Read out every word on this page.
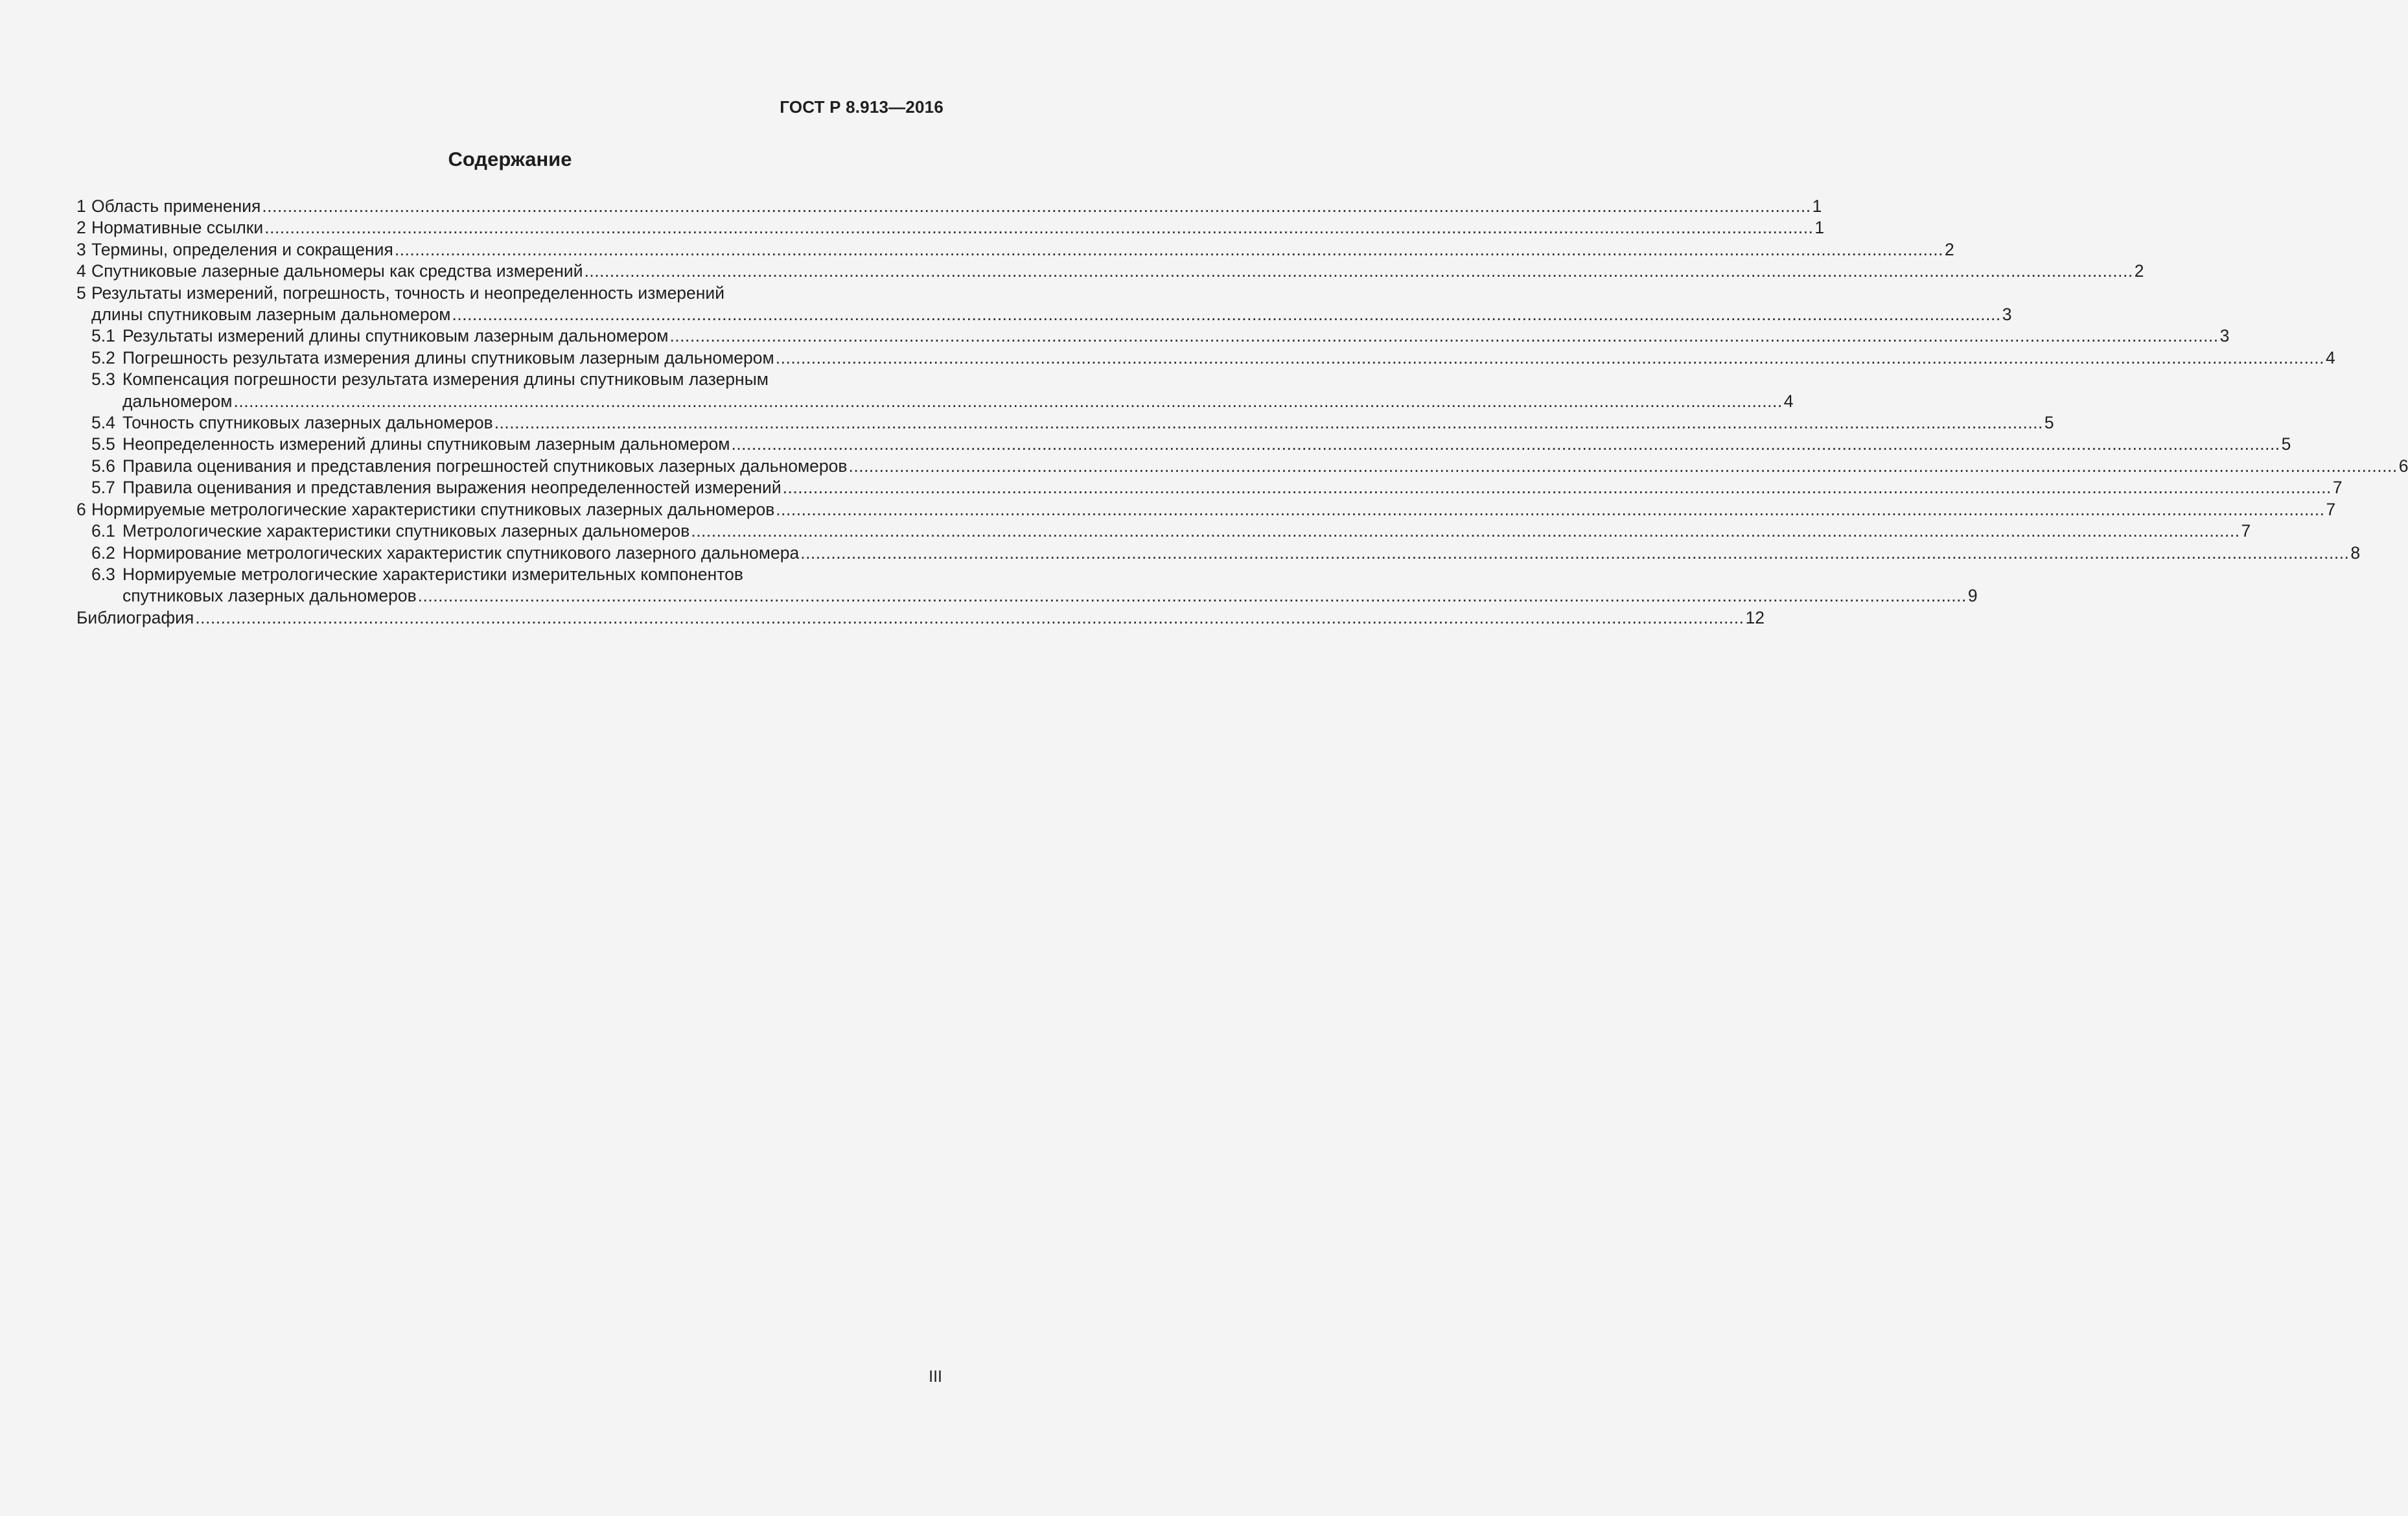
ГОСТ Р 8.913—2016
Содержание
1 Область применения .....	1
2 Нормативные ссылки .....	1
3 Термины, определения и сокращения .....	2
4 Спутниковые лазерные дальномеры как средства измерений .....	2
5 Результаты измерений, погрешность, точность и неопределенность измерений
длины спутниковым лазерным дальномером .....	3
5.1 Результаты измерений длины спутниковым лазерным дальномером .....	3
5.2 Погрешность результата измерения длины спутниковым лазерным дальномером .....	4
5.3 Компенсация погрешности результата измерения длины спутниковым лазерным
дальномером .....	4
5.4 Точность спутниковых лазерных дальномеров .....	5
5.5 Неопределенность измерений длины спутниковым лазерным дальномером .....	5
5.6 Правила оценивания и представления погрешностей спутниковых лазерных дальномеров .....	6
5.7 Правила оценивания и представления выражения неопределенностей измерений .....	7
6 Нормируемые метрологические характеристики спутниковых лазерных дальномеров .....	7
6.1 Метрологические характеристики спутниковых лазерных дальномеров .....	7
6.2 Нормирование метрологических характеристик спутникового лазерного дальномера .....	8
6.3 Нормируемые метрологические характеристики измерительных компонентов
спутниковых лазерных дальномеров .....	9
Библиография .....	12
III
